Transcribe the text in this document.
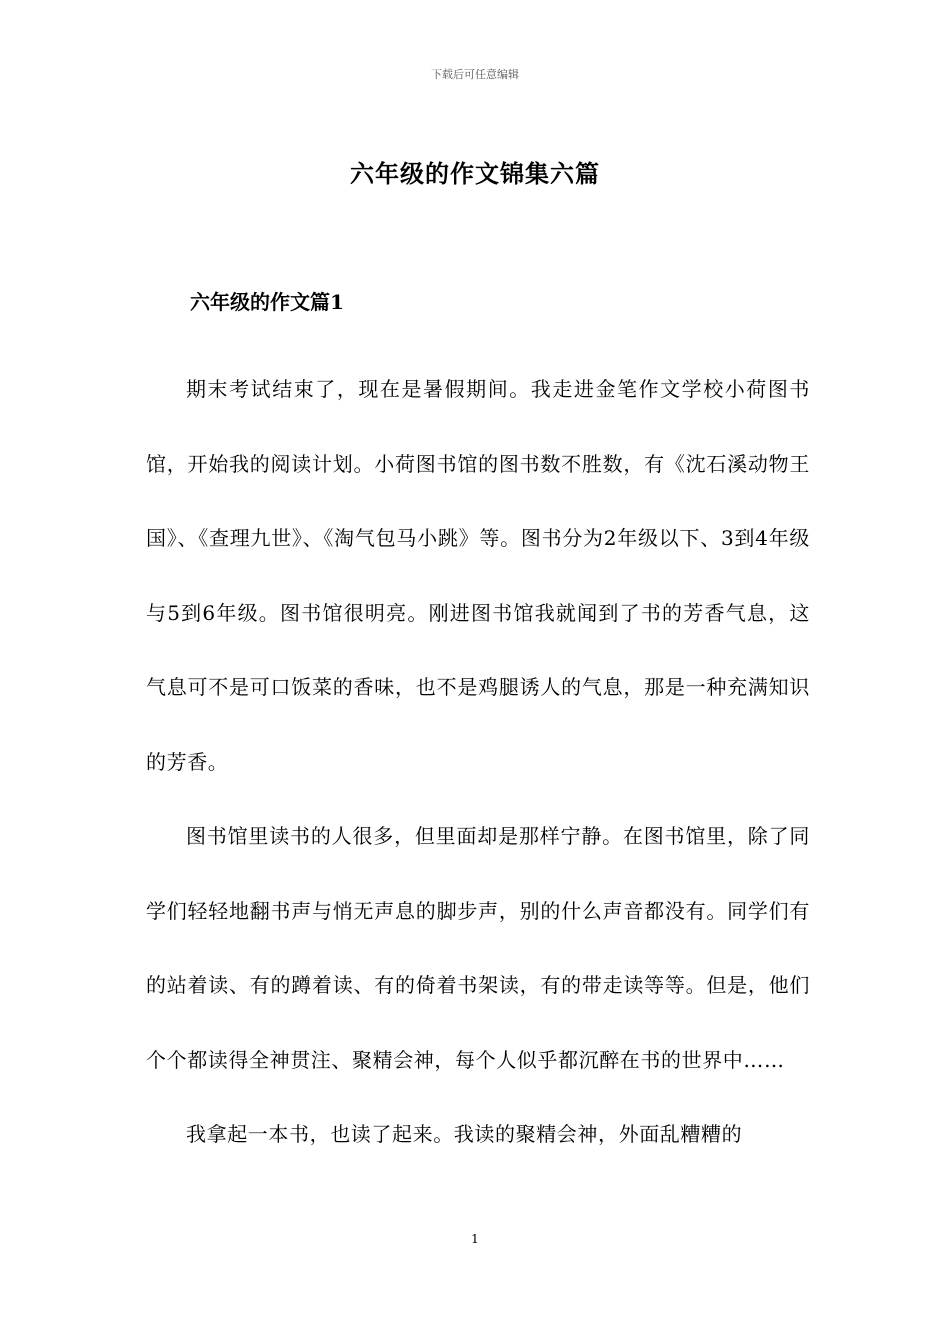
下载后可任意编辑
六年级的作文锦集六篇
六年级的作文篇1

期末考试结束了，现在是暑假期间。我走进金笔作文学校小荷图书馆，开始我的阅读计划。小荷图书馆的图书数不胜数，有《沈石溪动物王国》、《查理九世》、《淘气包马小跳》等。图书分为2年级以下、3到4年级与5到6年级。图书馆很明亮。刚进图书馆我就闻到了书的芳香气息，这气息可不是可口饭菜的香味，也不是鸡腿诱人的气息，那是一种充满知识的芳香。

图书馆里读书的人很多，但里面却是那样宁静。在图书馆里，除了同学们轻轻地翻书声与悄无声息的脚步声，别的什么声音都没有。同学们有的站着读、有的蹲着读、有的倚着书架读，有的带走读等等。但是，他们个个都读得全神贯注、聚精会神，每个人似乎都沉醉在书的世界中……

我拿起一本书，也读了起来。我读的聚精会神，外面乱糟糟的

1
